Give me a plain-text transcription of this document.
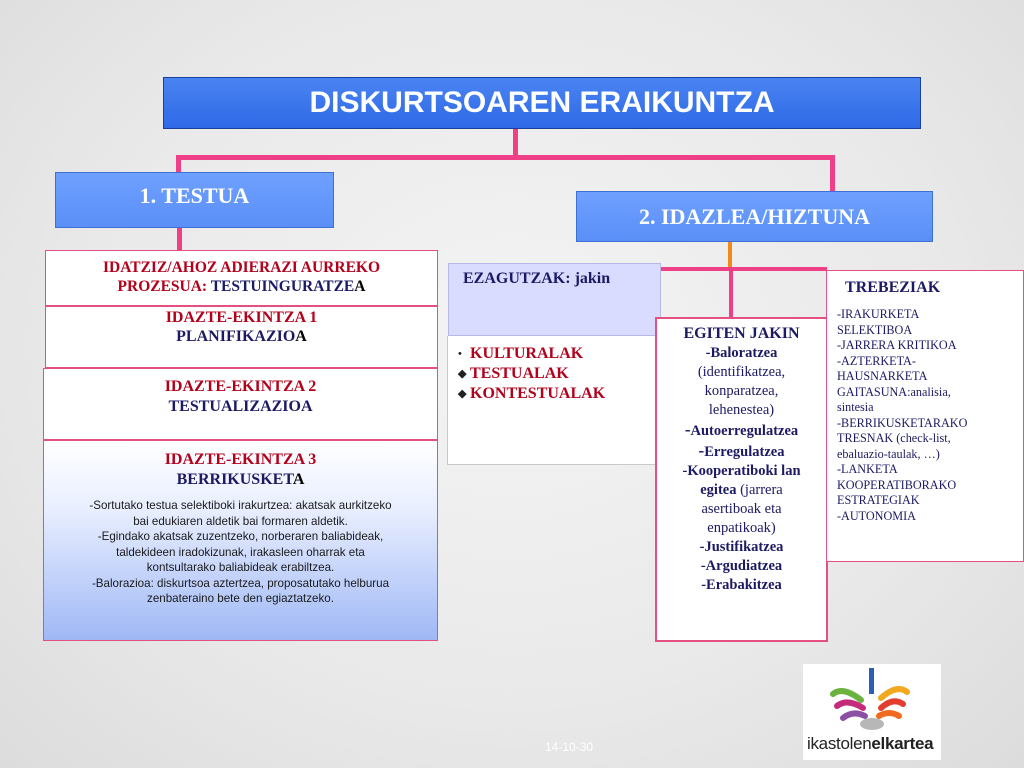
DISKURTSOAREN ERAIKUNTZA
1. TESTUA
2. IDAZLEA/HIZTUNA
IDATZIZ/AHOZ ADIERAZI AURREKO
PROZESUA: TESTUINGURATZEA
IDAZTE-EKINTZA 1
PLANIFIKAZIOA
IDAZTE-EKINTZA 2
TESTUALIZAZIOA
IDAZTE-EKINTZA 3
BERRIKUSKETA
-Sortutako testua selektiboki irakurtzea: akatsak aurkitzeko
bai edukiaren aldetik bai formaren aldetik.
-Egindako akatsak zuzentzeko, norberaren baliabideak,
taldekideen iradokizunak, irakasleen oharrak eta
kontsultarako baliabideak erabiltzea.
-Balorazioa: diskurtsoa aztertzea, proposatutako helburua
zenbateraino bete den egiaztatzeko.
EZAGUTZAK: jakin
• KULTURALAK
◆ TESTUALAK
◆ KONTESTUALAK
EGITEN JAKIN
-Baloratzea
(identifikatzea,
konparatzea,
lehenestea)
-Autoerregulatzea
-Erregulatzea
-Kooperatiboki lan
egitea (jarrera
asertiboak eta
enpatikoak)
-Justifikatzea
-Argudiatzea
-Erabakitzea
TREBEZIAK
-IRAKURKETA
SELEKTIBOA
-JARRERA KRITIKOA
-AZTERKETA-
HAUSNARKETA
GAITASUNA:analisia,
sintesia
-BERRIKUSKETARAKO
TRESNAK (check-list,
ebaluazio-taulak, …)
-LANKETA
KOOPERATIBORAKO
ESTRATEGIAK
-AUTONOMIA
14-10-30	ikastolenelkartea
